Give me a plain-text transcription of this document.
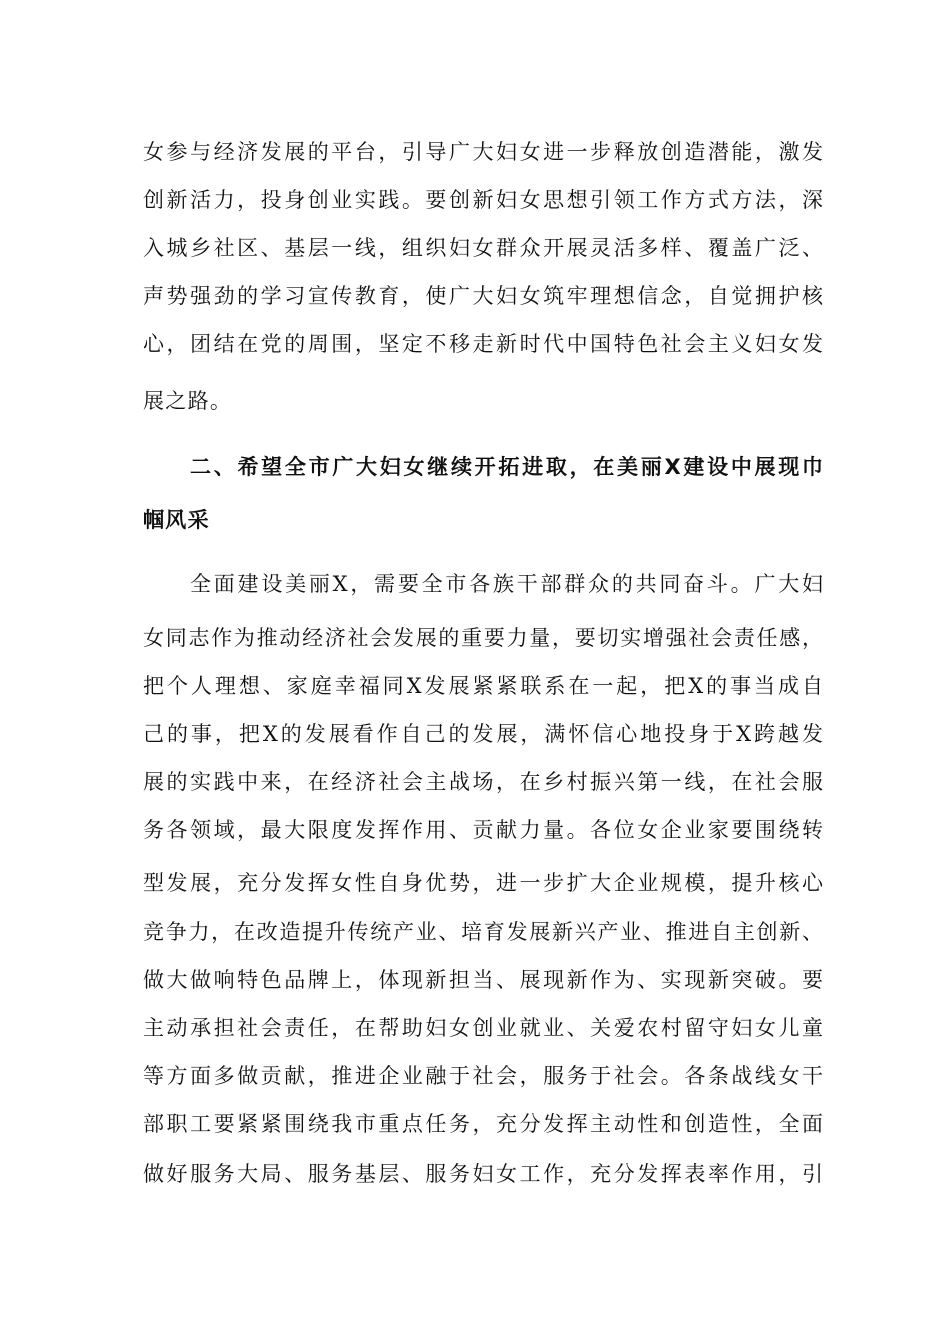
女参与经济发展的平台，引导广大妇女进一步释放创造潜能，激发
创新活力，投身创业实践。要创新妇女思想引领工作方式方法，深
入城乡社区、基层一线，组织妇女群众开展灵活多样、覆盖广泛、
声势强劲的学习宣传教育，使广大妇女筑牢理想信念，自觉拥护核
心，团结在党的周围，坚定不移走新时代中国特色社会主义妇女发
展之路。
二、希望全市广大妇女继续开拓进取，在美丽X建设中展现巾
帼风采
全面建设美丽X，需要全市各族干部群众的共同奋斗。广大妇
女同志作为推动经济社会发展的重要力量，要切实增强社会责任感，
把个人理想、家庭幸福同X发展紧紧联系在一起，把X的事当成自
己的事，把X的发展看作自己的发展，满怀信心地投身于X跨越发
展的实践中来，在经济社会主战场，在乡村振兴第一线，在社会服
务各领域，最大限度发挥作用、贡献力量。各位女企业家要围绕转
型发展，充分发挥女性自身优势，进一步扩大企业规模，提升核心
竞争力，在改造提升传统产业、培育发展新兴产业、推进自主创新、
做大做响特色品牌上，体现新担当、展现新作为、实现新突破。要
主动承担社会责任，在帮助妇女创业就业、关爱农村留守妇女儿童
等方面多做贡献，推进企业融于社会，服务于社会。各条战线女干
部职工要紧紧围绕我市重点任务，充分发挥主动性和创造性，全面
做好服务大局、服务基层、服务妇女工作，充分发挥表率作用，引
